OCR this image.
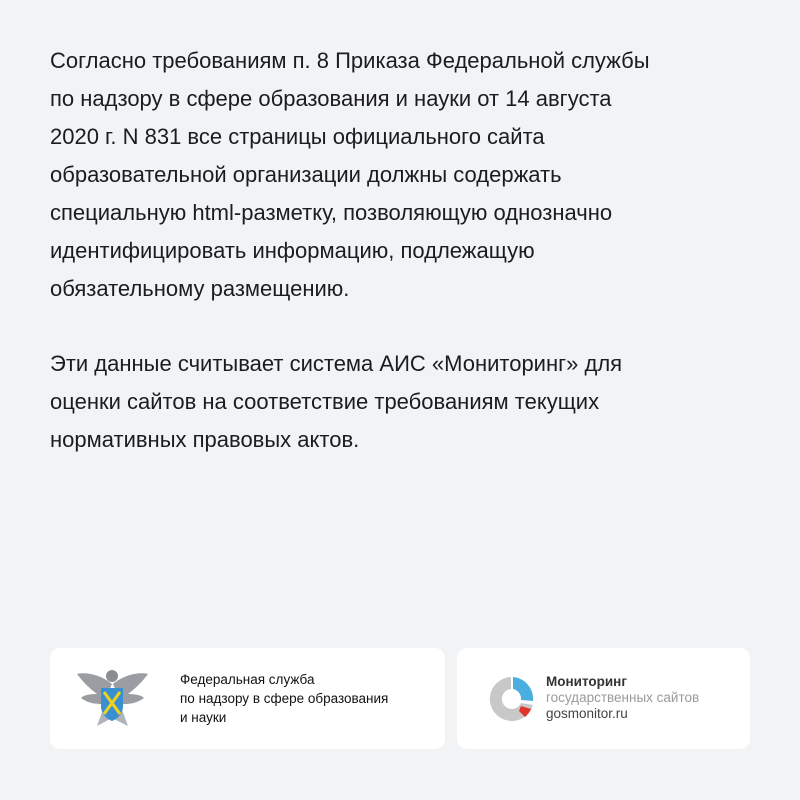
Согласно требованиям п. 8 Приказа Федеральной службы
по надзору в сфере образования и науки от 14 августа
2020 г. N 831 все страницы официального сайта
образовательной организации должны содержать
специальную html-разметку, позволяющую однозначно
идентифицировать информацию, подлежащую
обязательному размещению.
Эти данные считывает система АИС «Мониторинг» для
оценки сайтов на соответствие требованиям текущих
нормативных правовых актов.
Федеральная служба
по надзору в сфере образования
и науки
Мониторинг
государственных сайтов
gosmonitor.ru
